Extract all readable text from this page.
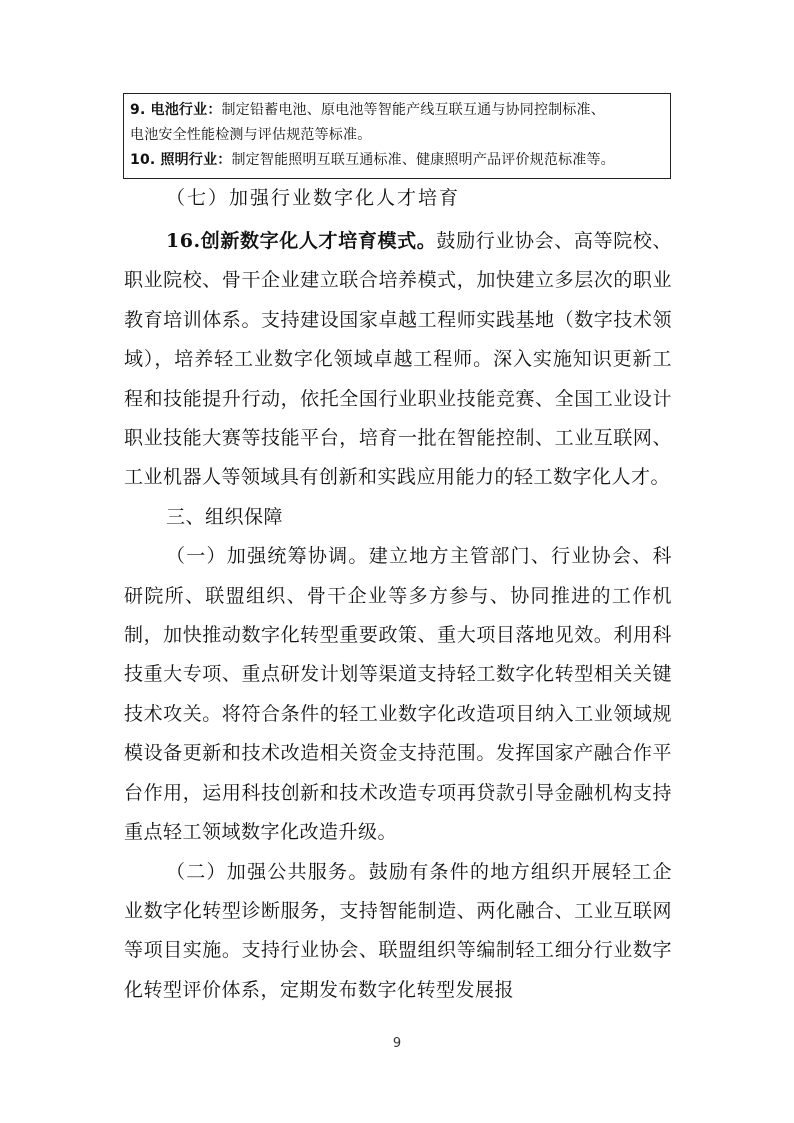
9. 电池行业：制定铅蓄电池、原电池等智能产线互联互通与协同控制标准、
电池安全性能检测与评估规范等标准。
10. 照明行业：制定智能照明互联互通标准、健康照明产品评价规范标准等。
（七）加强行业数字化人才培育

16.创新数字化人才培育模式。鼓励行业协会、高等院校、职业院校、骨干企业建立联合培养模式，加快建立多层次的职业教育培训体系。支持建设国家卓越工程师实践基地（数字技术领域），培养轻工业数字化领域卓越工程师。深入实施知识更新工程和技能提升行动，依托全国行业职业技能竞赛、全国工业设计职业技能大赛等技能平台，培育一批在智能控制、工业互联网、工业机器人等领域具有创新和实践应用能力的轻工数字化人才。

三、组织保障

（一）加强统筹协调。建立地方主管部门、行业协会、科研院所、联盟组织、骨干企业等多方参与、协同推进的工作机制，加快推动数字化转型重要政策、重大项目落地见效。利用科技重大专项、重点研发计划等渠道支持轻工数字化转型相关关键技术攻关。将符合条件的轻工业数字化改造项目纳入工业领域规模设备更新和技术改造相关资金支持范围。发挥国家产融合作平台作用，运用科技创新和技术改造专项再贷款引导金融机构支持重点轻工领域数字化改造升级。

（二）加强公共服务。鼓励有条件的地方组织开展轻工企业数字化转型诊断服务，支持智能制造、两化融合、工业互联网等项目实施。支持行业协会、联盟组织等编制轻工细分行业数字化转型评价体系，定期发布数字化转型发展报

9
